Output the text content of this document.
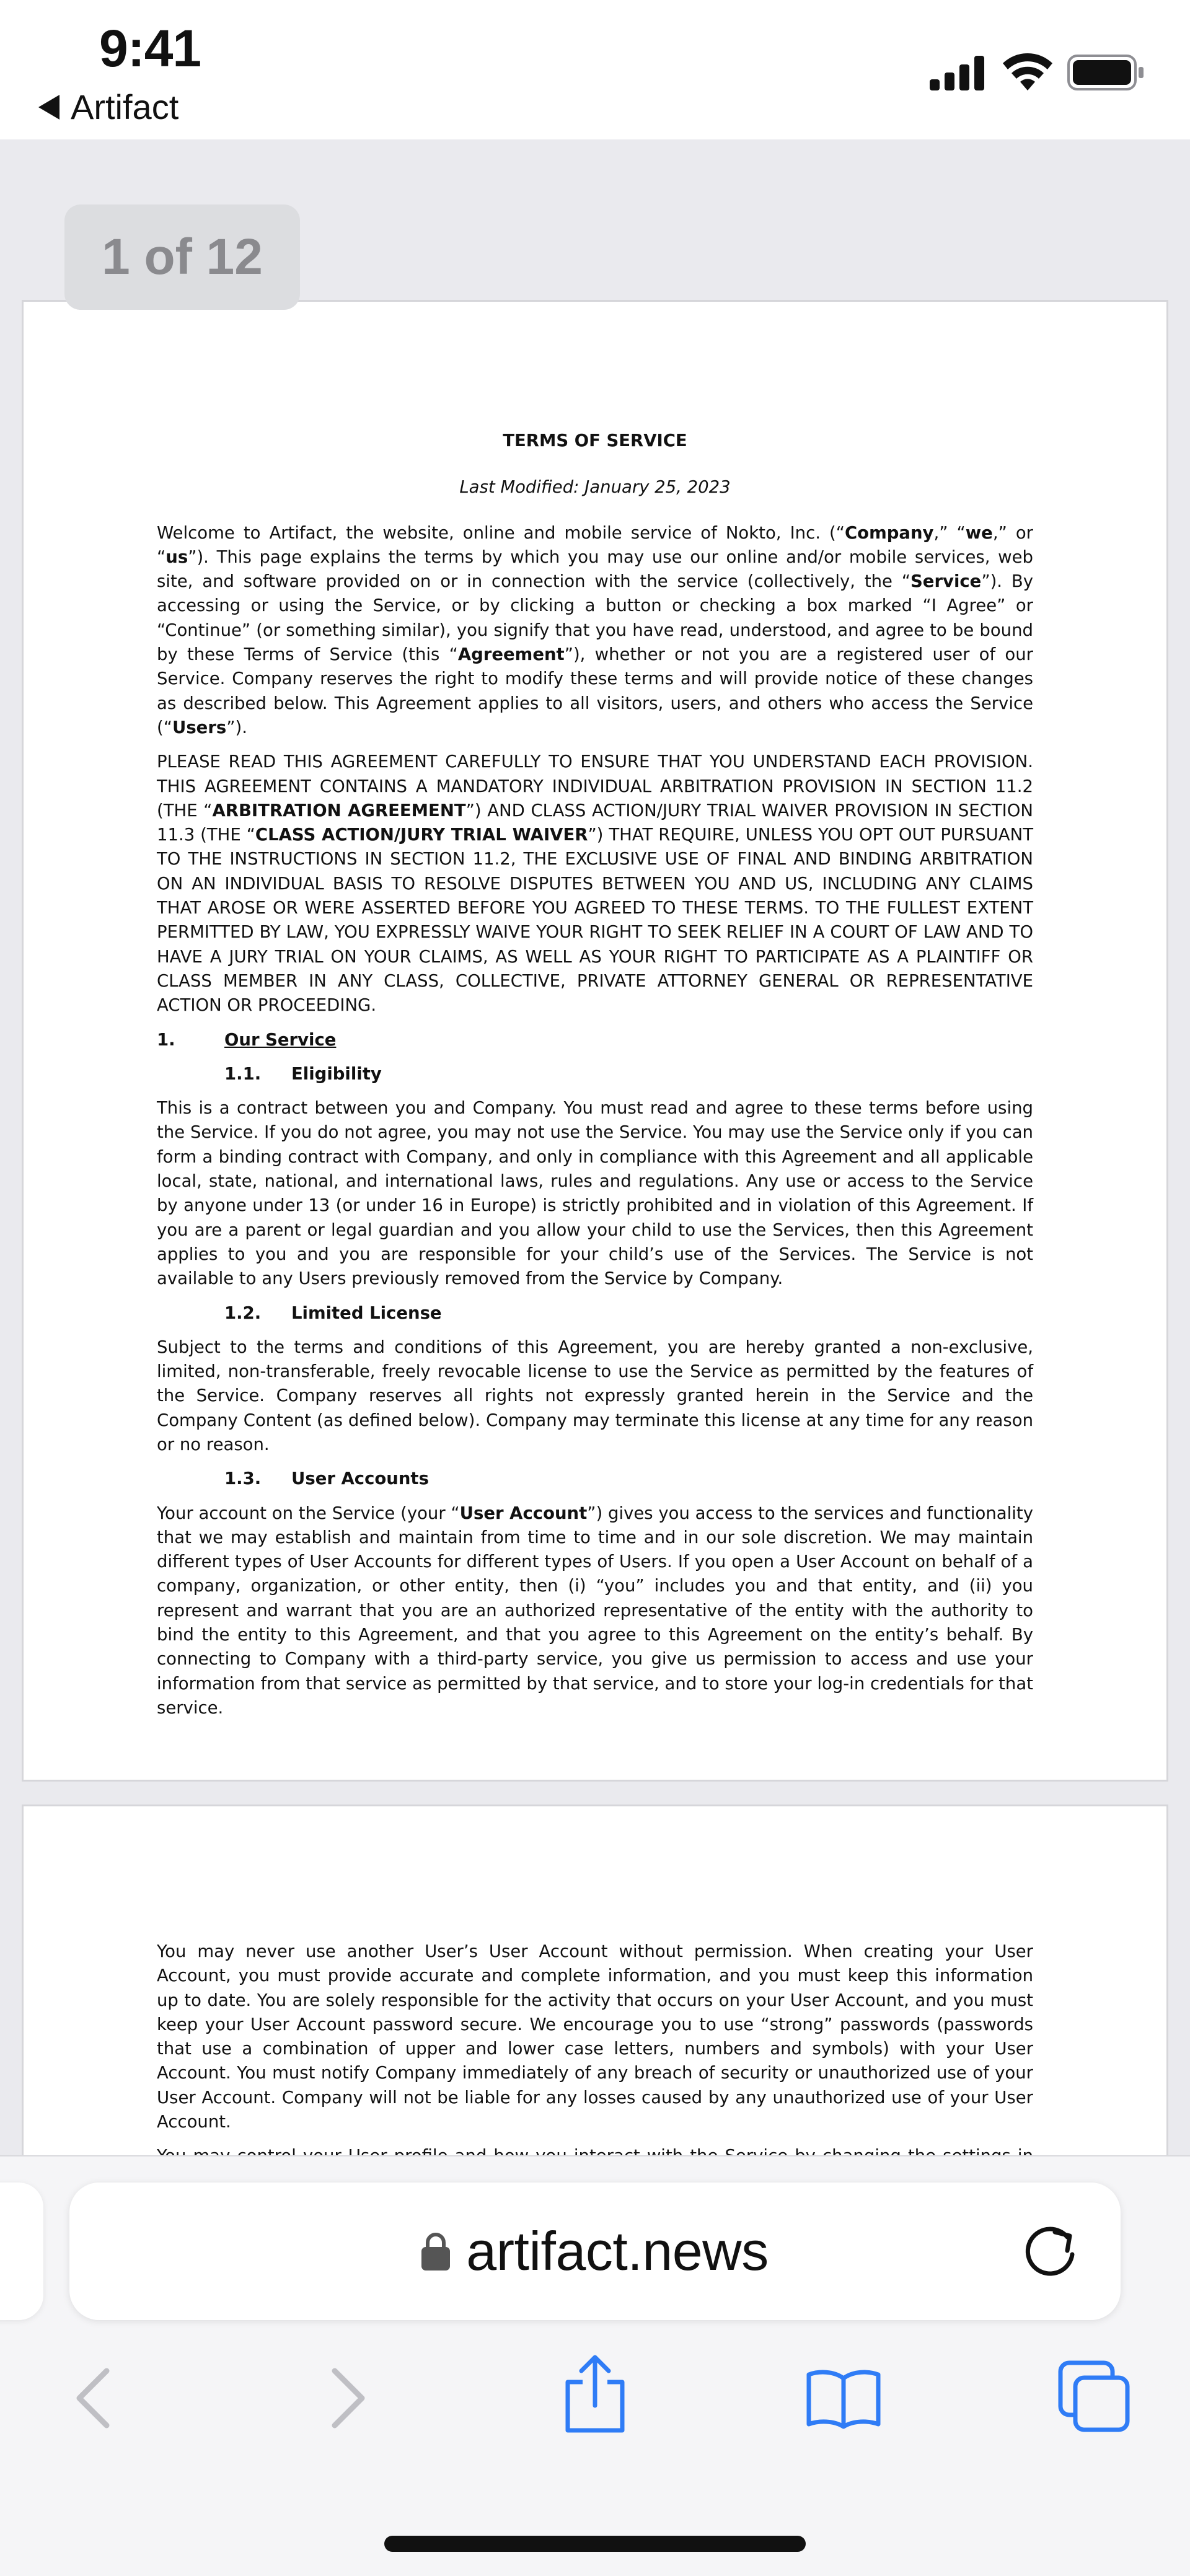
9:41
Artifact
TERMS OF SERVICE
Last Modified: January 25, 2023
Welcome to Artifact, the website, online and mobile service of Nokto, Inc. (“Company,” “we,” or “us”). This page explains the terms by which you may use our online and/or mobile services, web site, and software provided on or in connection with the service (collectively, the “Service”). By accessing or using the Service, or by clicking a button or checking a box marked “I Agree” or “Continue” (or something similar), you signify that you have read, understood, and agree to be bound by these Terms of Service (this “Agreement”), whether or not you are a registered user of our Service. Company reserves the right to modify these terms and will provide notice of these changes as described below. This Agreement applies to all visitors, users, and others who access the Service (“Users”).
PLEASE READ THIS AGREEMENT CAREFULLY TO ENSURE THAT YOU UNDERSTAND EACH PROVISION. THIS AGREEMENT CONTAINS A MANDATORY INDIVIDUAL ARBITRATION PROVISION IN SECTION 11.2 (THE “ARBITRATION AGREEMENT”) AND CLASS ACTION/JURY TRIAL WAIVER PROVISION IN SECTION 11.3 (THE “CLASS ACTION/JURY TRIAL WAIVER”) THAT REQUIRE, UNLESS YOU OPT OUT PURSUANT TO THE INSTRUCTIONS IN SECTION 11.2, THE EXCLUSIVE USE OF FINAL AND BINDING ARBITRATION ON AN INDIVIDUAL BASIS TO RESOLVE DISPUTES BETWEEN YOU AND US, INCLUDING ANY CLAIMS THAT AROSE OR WERE ASSERTED BEFORE YOU AGREED TO THESE TERMS. TO THE FULLEST EXTENT PERMITTED BY LAW, YOU EXPRESSLY WAIVE YOUR RIGHT TO SEEK RELIEF IN A COURT OF LAW AND TO HAVE A JURY TRIAL ON YOUR CLAIMS, AS WELL AS YOUR RIGHT TO PARTICIPATE AS A PLAINTIFF OR CLASS MEMBER IN ANY CLASS, COLLECTIVE, PRIVATE ATTORNEY GENERAL OR REPRESENTATIVE ACTION OR PROCEEDING.
1.	Our Service
1.1.	Eligibility
This is a contract between you and Company. You must read and agree to these terms before using the Service. If you do not agree, you may not use the Service. You may use the Service only if you can form a binding contract with Company, and only in compliance with this Agreement and all applicable local, state, national, and international laws, rules and regulations. Any use or access to the Service by anyone under 13 (or under 16 in Europe) is strictly prohibited and in violation of this Agreement. If you are a parent or legal guardian and you allow your child to use the Services, then this Agreement applies to you and you are responsible for your child’s use of the Services. The Service is not available to any Users previously removed from the Service by Company.
1.2.	Limited License
Subject to the terms and conditions of this Agreement, you are hereby granted a non-exclusive, limited, non-transferable, freely revocable license to use the Service as permitted by the features of the Service. Company reserves all rights not expressly granted herein in the Service and the Company Content (as defined below). Company may terminate this license at any time for any reason or no reason.
1.3.	User Accounts
Your account on the Service (your “User Account”) gives you access to the services and functionality that we may establish and maintain from time to time and in our sole discretion. We may maintain different types of User Accounts for different types of Users. If you open a User Account on behalf of a company, organization, or other entity, then (i) “you” includes you and that entity, and (ii) you represent and warrant that you are an authorized representative of the entity with the authority to bind the entity to this Agreement, and that you agree to this Agreement on the entity’s behalf. By connecting to Company with a third-party service, you give us permission to access and use your information from that service as permitted by that service, and to store your log-in credentials for that service.
You may never use another User’s User Account without permission. When creating your User Account, you must provide accurate and complete information, and you must keep this information up to date. You are solely responsible for the activity that occurs on your User Account, and you must keep your User Account password secure. We encourage you to use “strong” passwords (passwords that use a combination of upper and lower case letters, numbers and symbols) with your User Account. You must notify Company immediately of any breach of security or unauthorized use of your User Account. Company will not be liable for any losses caused by any unauthorized use of your User Account.
1 of 12
artifact.news
